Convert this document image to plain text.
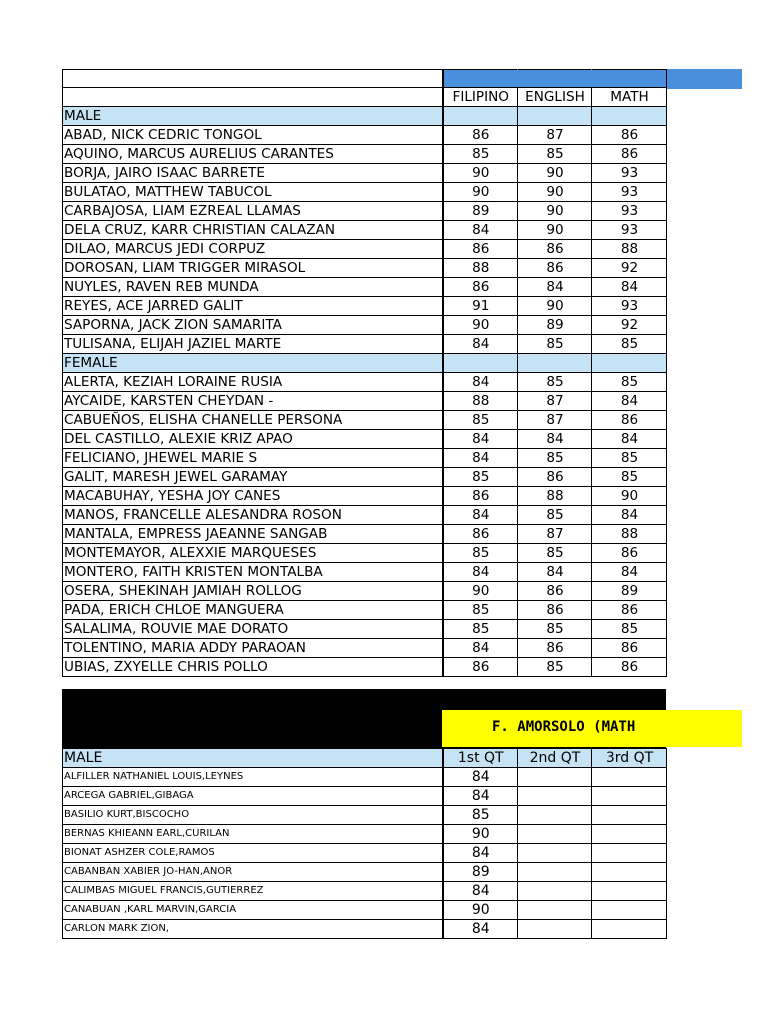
	FILIPINO	ENGLISH	MATH
MALE			
ABAD, NICK CEDRIC TONGOL	86	87	86
AQUINO, MARCUS AURELIUS CARANTES	85	85	86
BORJA, JAIRO ISAAC BARRETE	90	90	93
BULATAO, MATTHEW TABUCOL	90	90	93
CARBAJOSA, LIAM EZREAL LLAMAS	89	90	93
DELA CRUZ, KARR CHRISTIAN CALAZAN	84	90	93
DILAO, MARCUS JEDI CORPUZ	86	86	88
DOROSAN, LIAM TRIGGER MIRASOL	88	86	92
NUYLES, RAVEN REB MUNDA	86	84	84
REYES, ACE JARRED GALIT	91	90	93
SAPORNA, JACK ZION SAMARITA	90	89	92
TULISANA, ELIJAH JAZIEL MARTE	84	85	85
FEMALE			
ALERTA, KEZIAH LORAINE RUSIA	84	85	85
AYCAIDE, KARSTEN CHEYDAN -	88	87	84
CABUEÑOS, ELISHA CHANELLE PERSONA	85	87	86
DEL CASTILLO, ALEXIE KRIZ APAO	84	84	84
FELICIANO, JHEWEL MARIE S	84	85	85
GALIT, MARESH JEWEL GARAMAY	85	86	85
MACABUHAY, YESHA JOY CANES	86	88	90
MANOS, FRANCELLE ALESANDRA ROSON	84	85	84
MANTALA, EMPRESS JAEANNE SANGAB	86	87	88
MONTEMAYOR, ALEXXIE MARQUESES	85	85	86
MONTERO, FAITH KRISTEN MONTALBA	84	84	84
OSERA, SHEKINAH JAMIAH ROLLOG	90	86	89
PADA, ERICH CHLOE MANGUERA	85	86	86
SALALIMA, ROUVIE MAE DORATO	85	85	85
TOLENTINO, MARIA ADDY PARAOAN	84	86	86
UBIAS, ZXYELLE CHRIS POLLO	86	85	86
F. AMORSOLO (MATH
MALE	1st QT	2nd QT	3rd QT
ALFILLER NATHANIEL LOUIS,LEYNES	84		
ARCEGA GABRIEL,GIBAGA	84		
BASILIO KURT,BISCOCHO	85		
BERNAS KHIEANN EARL,CURILAN	90		
BIONAT ASHZER COLE,RAMOS	84		
CABANBAN XABIER JO-HAN,ANOR	89		
CALIMBAS MIGUEL FRANCIS,GUTIERREZ	84		
CANABUAN ,KARL MARVIN,GARCIA	90		
CARLON MARK ZION,	84		
